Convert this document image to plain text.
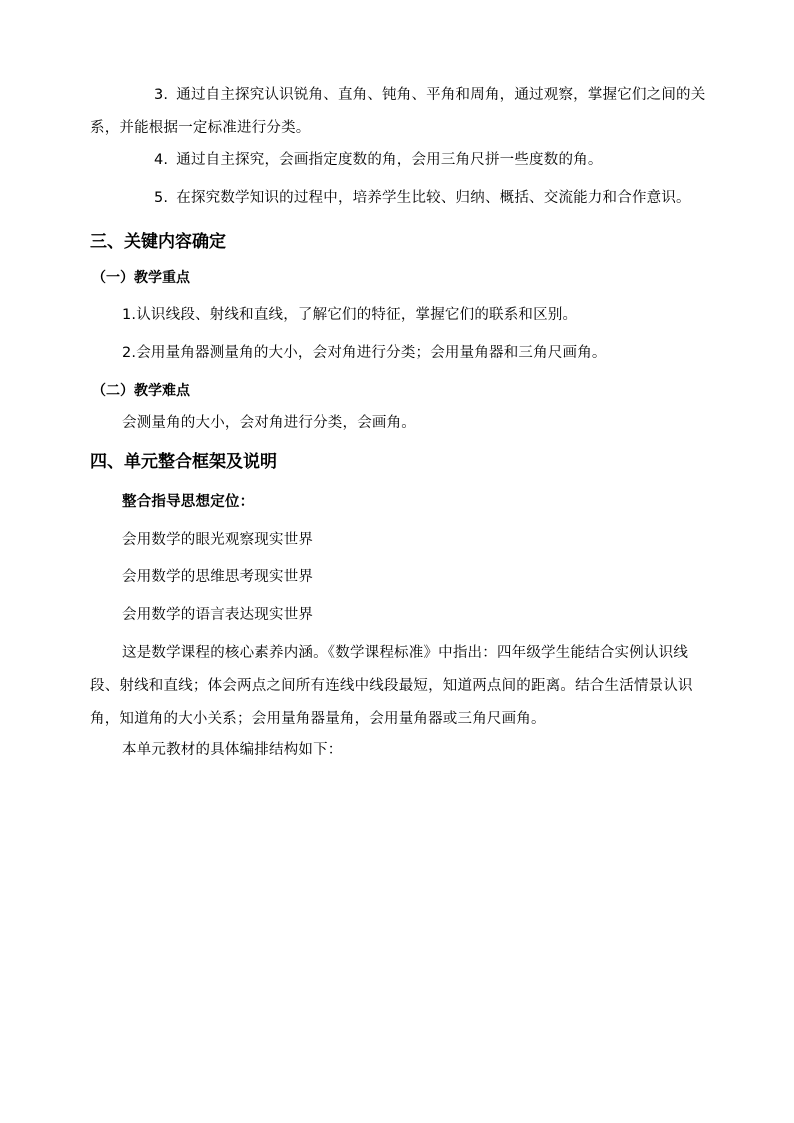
3. 通过自主探究认识锐角、直角、钝角、平角和周角，通过观察，掌握它们之间的关系，并能根据一定标准进行分类。

4. 通过自主探究，会画指定度数的角，会用三角尺拼一些度数的角。

5. 在探究数学知识的过程中，培养学生比较、归纳、概括、交流能力和合作意识。

三、关键内容确定
（一）教学重点

1.认识线段、射线和直线，了解它们的特征，掌握它们的联系和区别。

2.会用量角器测量角的大小，会对角进行分类；会用量角器和三角尺画角。

（二）教学难点

会测量角的大小，会对角进行分类，会画角。

四、单元整合框架及说明

整合指导思想定位：

会用数学的眼光观察现实世界

会用数学的思维思考现实世界

会用数学的语言表达现实世界

这是数学课程的核心素养内涵。《数学课程标准》中指出：四年级学生能结合实例认识线段、射线和直线；体会两点之间所有连线中线段最短，知道两点间的距离。结合生活情景认识角，知道角的大小关系；会用量角器量角，会用量角器或三角尺画角。

本单元教材的具体编排结构如下：
